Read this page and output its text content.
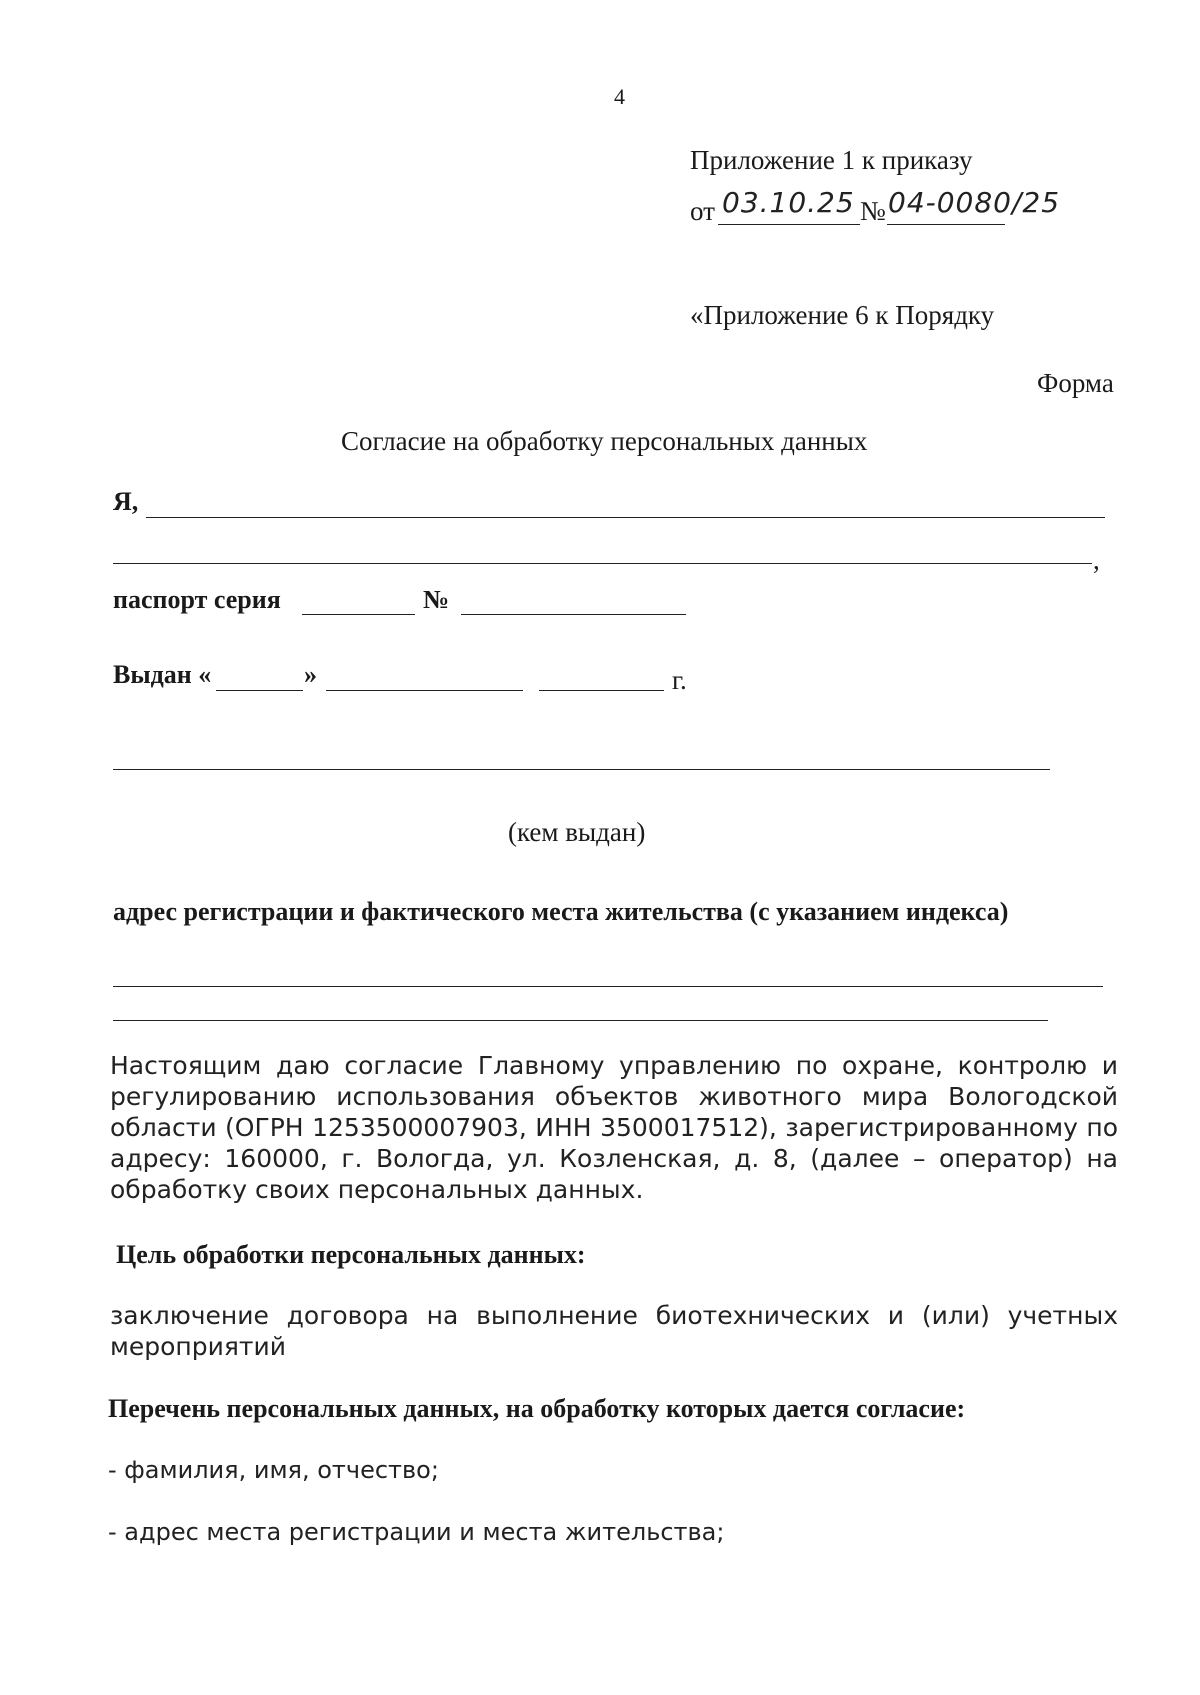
4
Приложение 1 к приказу
от 03.10.25 № 04-0080/25
«Приложение 6 к Порядку
Форма
Согласие на обработку персональных данных
Я,
,
паспорт серия	№
Выдан «	»	г.
(кем выдан)
адрес регистрации и фактического места жительства (с указанием индекса)
Настоящим даю согласие Главному управлению по охране, контролю и регулированию использования объектов животного мира Вологодской области (ОГРН 1253500007903, ИНН 3500017512), зарегистрированному по адресу: 160000, г. Вологда, ул. Козленская, д. 8, (далее – оператор) на обработку своих персональных данных.
Цель обработки персональных данных:
заключение договора на выполнение биотехнических и (или) учетных мероприятий
Перечень персональных данных, на обработку которых дается согласие:
- фамилия, имя, отчество;
- адрес места регистрации и места жительства;
